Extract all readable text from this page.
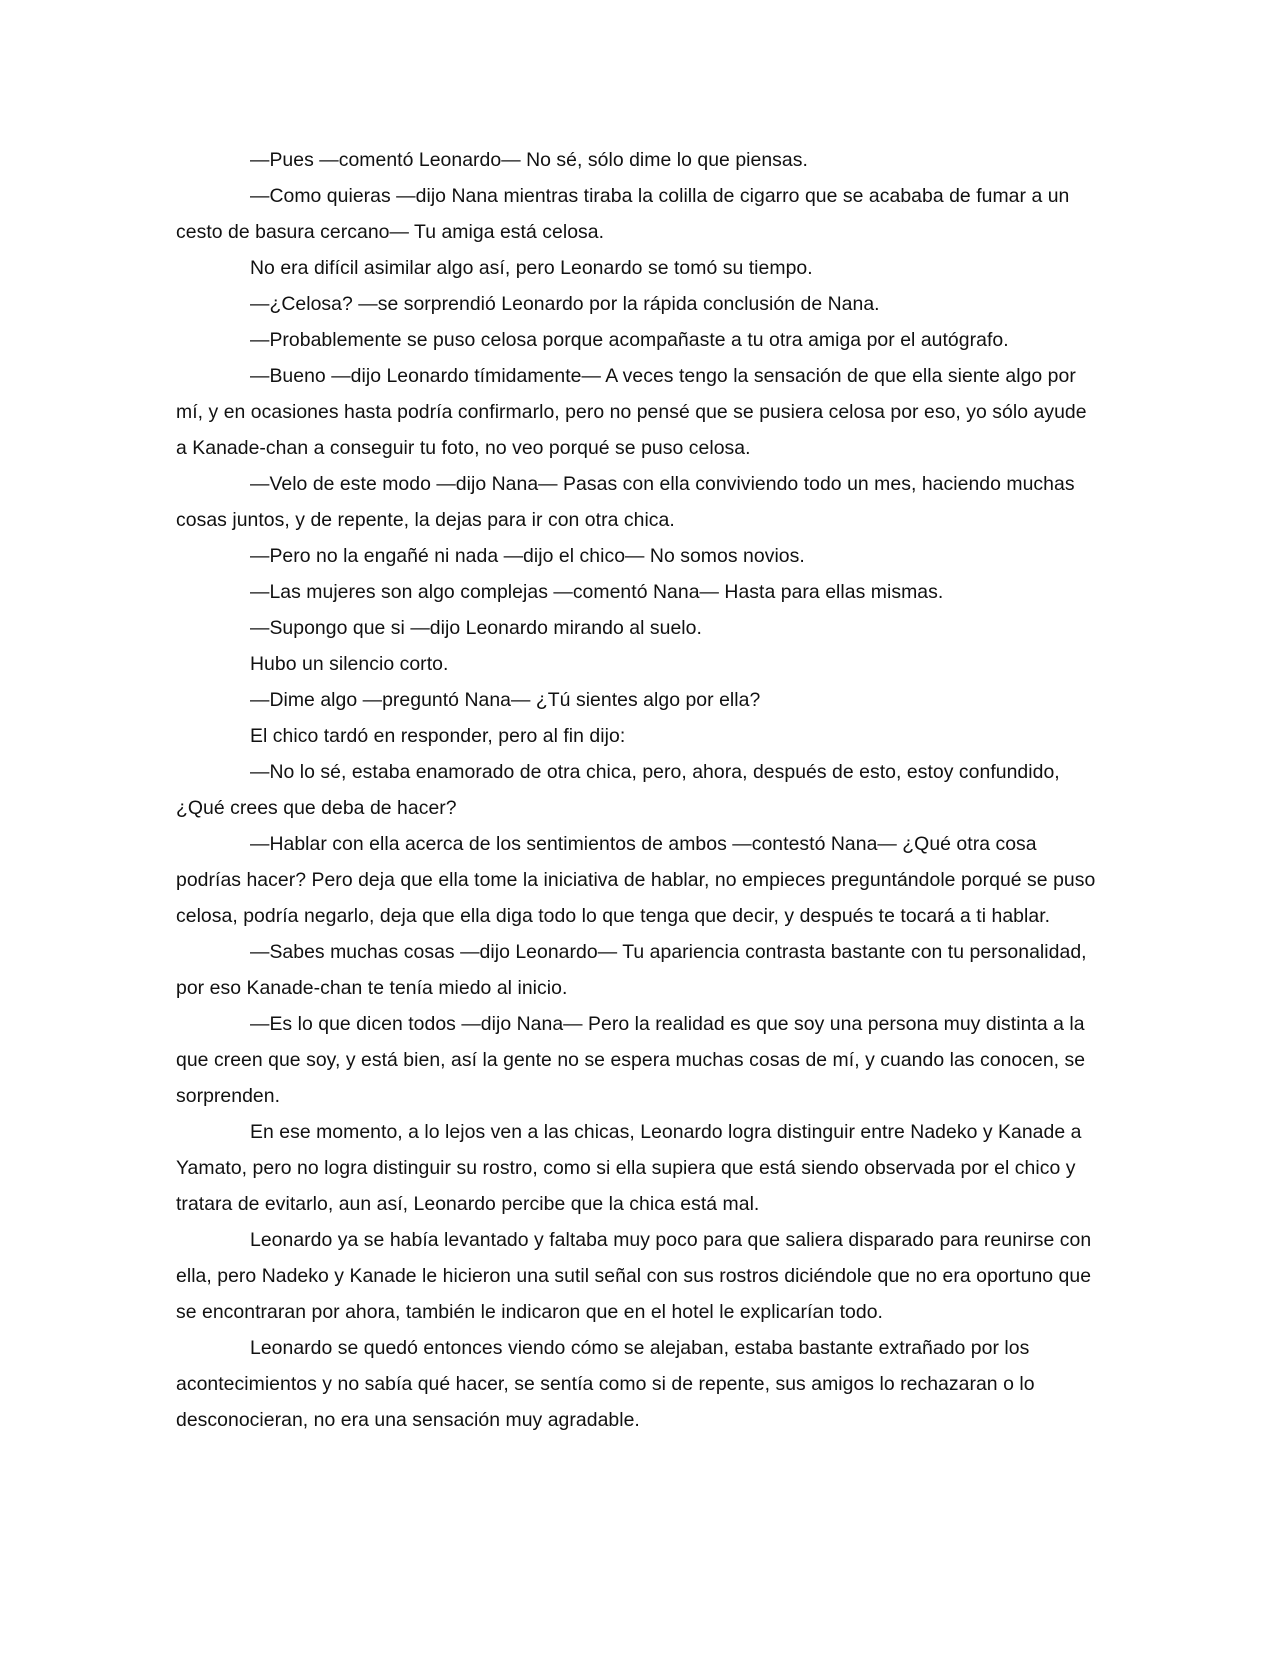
—Pues —comentó Leonardo— No sé, sólo dime lo que piensas.

—Como quieras —dijo Nana mientras tiraba la colilla de cigarro que se acababa de fumar a un cesto de basura cercano— Tu amiga está celosa.

No era difícil asimilar algo así, pero Leonardo se tomó su tiempo.

—¿Celosa? —se sorprendió Leonardo por la rápida conclusión de Nana.

—Probablemente se puso celosa porque acompañaste a tu otra amiga por el autógrafo.

—Bueno —dijo Leonardo tímidamente— A veces tengo la sensación de que ella siente algo por mí, y en ocasiones hasta podría confirmarlo, pero no pensé que se pusiera celosa por eso, yo sólo ayude a Kanade-chan a conseguir tu foto, no veo porqué se puso celosa.

—Velo de este modo —dijo Nana— Pasas con ella conviviendo todo un mes, haciendo muchas cosas juntos, y de repente, la dejas para ir con otra chica.

—Pero no la engañé ni nada —dijo el chico— No somos novios.

—Las mujeres son algo complejas —comentó Nana— Hasta para ellas mismas.

—Supongo que si —dijo Leonardo mirando al suelo.

Hubo un silencio corto.

—Dime algo —preguntó Nana— ¿Tú sientes algo por ella?

El chico tardó en responder, pero al fin dijo:

—No lo sé, estaba enamorado de otra chica, pero, ahora, después de esto, estoy confundido, ¿Qué crees que deba de hacer?

—Hablar con ella acerca de los sentimientos de ambos —contestó Nana— ¿Qué otra cosa podrías hacer? Pero deja que ella tome la iniciativa de hablar, no empieces preguntándole porqué se puso celosa, podría negarlo, deja que ella diga todo lo que tenga que decir, y después te tocará a ti hablar.

—Sabes muchas cosas —dijo Leonardo— Tu apariencia contrasta bastante con tu personalidad, por eso Kanade-chan te tenía miedo al inicio.

—Es lo que dicen todos —dijo Nana— Pero la realidad es que soy una persona muy distinta a la que creen que soy, y está bien, así la gente no se espera muchas cosas de mí, y cuando las conocen, se sorprenden.

En ese momento, a lo lejos ven a las chicas, Leonardo logra distinguir entre Nadeko y Kanade a Yamato, pero no logra distinguir su rostro, como si ella supiera que está siendo observada por el chico y tratara de evitarlo, aun así, Leonardo percibe que la chica está mal.

Leonardo ya se había levantado y faltaba muy poco para que saliera disparado para reunirse con ella, pero Nadeko y Kanade le hicieron una sutil señal con sus rostros diciéndole que no era oportuno que se encontraran por ahora, también le indicaron que en el hotel le explicarían todo.

Leonardo se quedó entonces viendo cómo se alejaban, estaba bastante extrañado por los acontecimientos y no sabía qué hacer, se sentía como si de repente, sus amigos lo rechazaran o lo desconocieran, no era una sensación muy agradable.
